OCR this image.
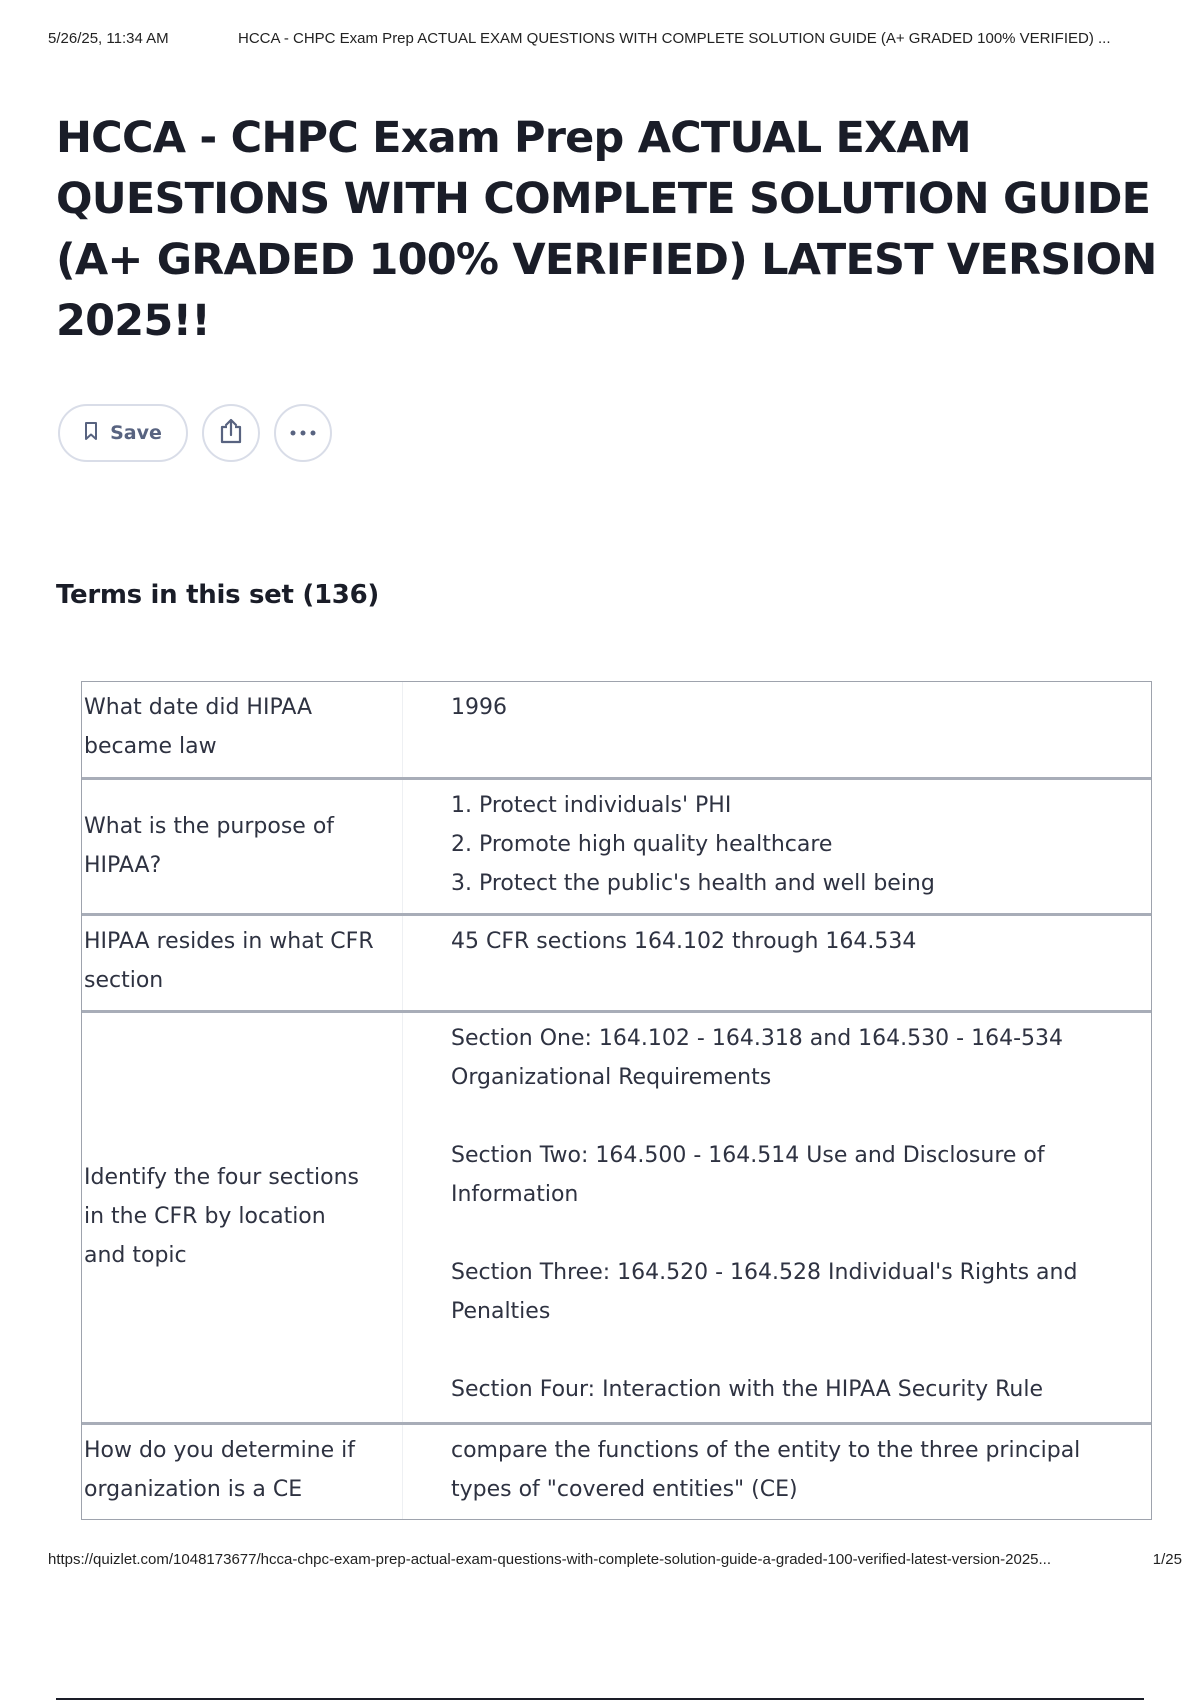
5/26/25, 11:34 AM	HCCA - CHPC Exam Prep ACTUAL EXAM QUESTIONS WITH COMPLETE SOLUTION GUIDE (A+ GRADED 100% VERIFIED) ...
HCCA - CHPC Exam Prep ACTUAL EXAM QUESTIONS WITH COMPLETE SOLUTION GUIDE (A+ GRADED 100% VERIFIED) LATEST VERSION 2025!!
Save
Terms in this set (136)
What date did HIPAA became law
1996
What is the purpose of HIPAA?
1. Protect individuals' PHI
2. Promote high quality healthcare
3. Protect the public's health and well being
HIPAA resides in what CFR section
45 CFR sections 164.102 through 164.534
Identify the four sections in the CFR by location and topic
Section One: 164.102 - 164.318 and 164.530 - 164-534 Organizational Requirements
Section Two: 164.500 - 164.514 Use and Disclosure of Information
Section Three: 164.520 - 164.528 Individual's Rights and Penalties
Section Four: Interaction with the HIPAA Security Rule
How do you determine if organization is a CE
compare the functions of the entity to the three principal types of "covered entities" (CE)
https://quizlet.com/1048173677/hcca-chpc-exam-prep-actual-exam-questions-with-complete-solution-guide-a-graded-100-verified-latest-version-2025...	1/25
